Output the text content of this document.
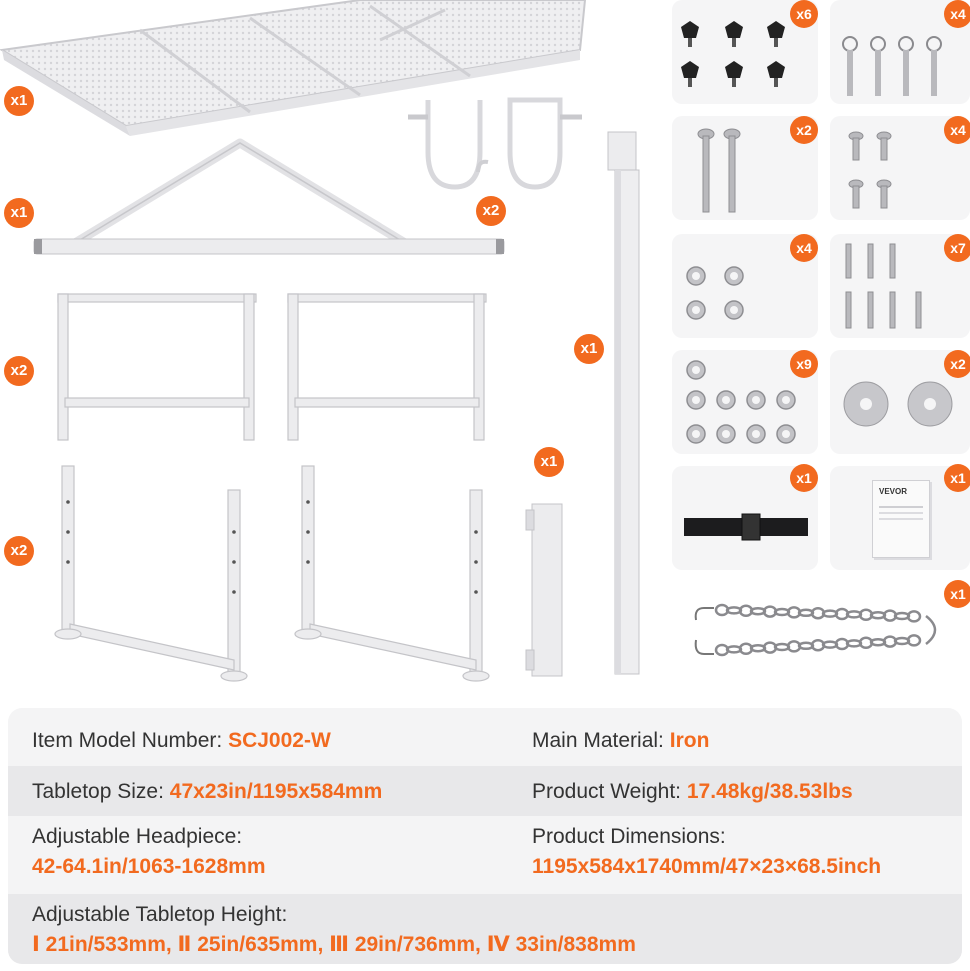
x1
x1	x2
x1
x2
x2
x1
x6	x4
x2	x4
x4	x7
x9	x2
x1
VEVOR
x1
x1
Item Model Number: SCJ002-W	Main Material: Iron
Tabletop Size: 47x23in/1195x584mm	Product Weight: 17.48kg/38.53lbs
Adjustable Headpiece:
42-64.1in/1063-1628mm
Product Dimensions:
1195x584x1740mm/47×23×68.5inch
Adjustable Tabletop Height:
Ⅰ 21in/533mm, Ⅱ 25in/635mm, Ⅲ 29in/736mm, Ⅳ 33in/838mm
